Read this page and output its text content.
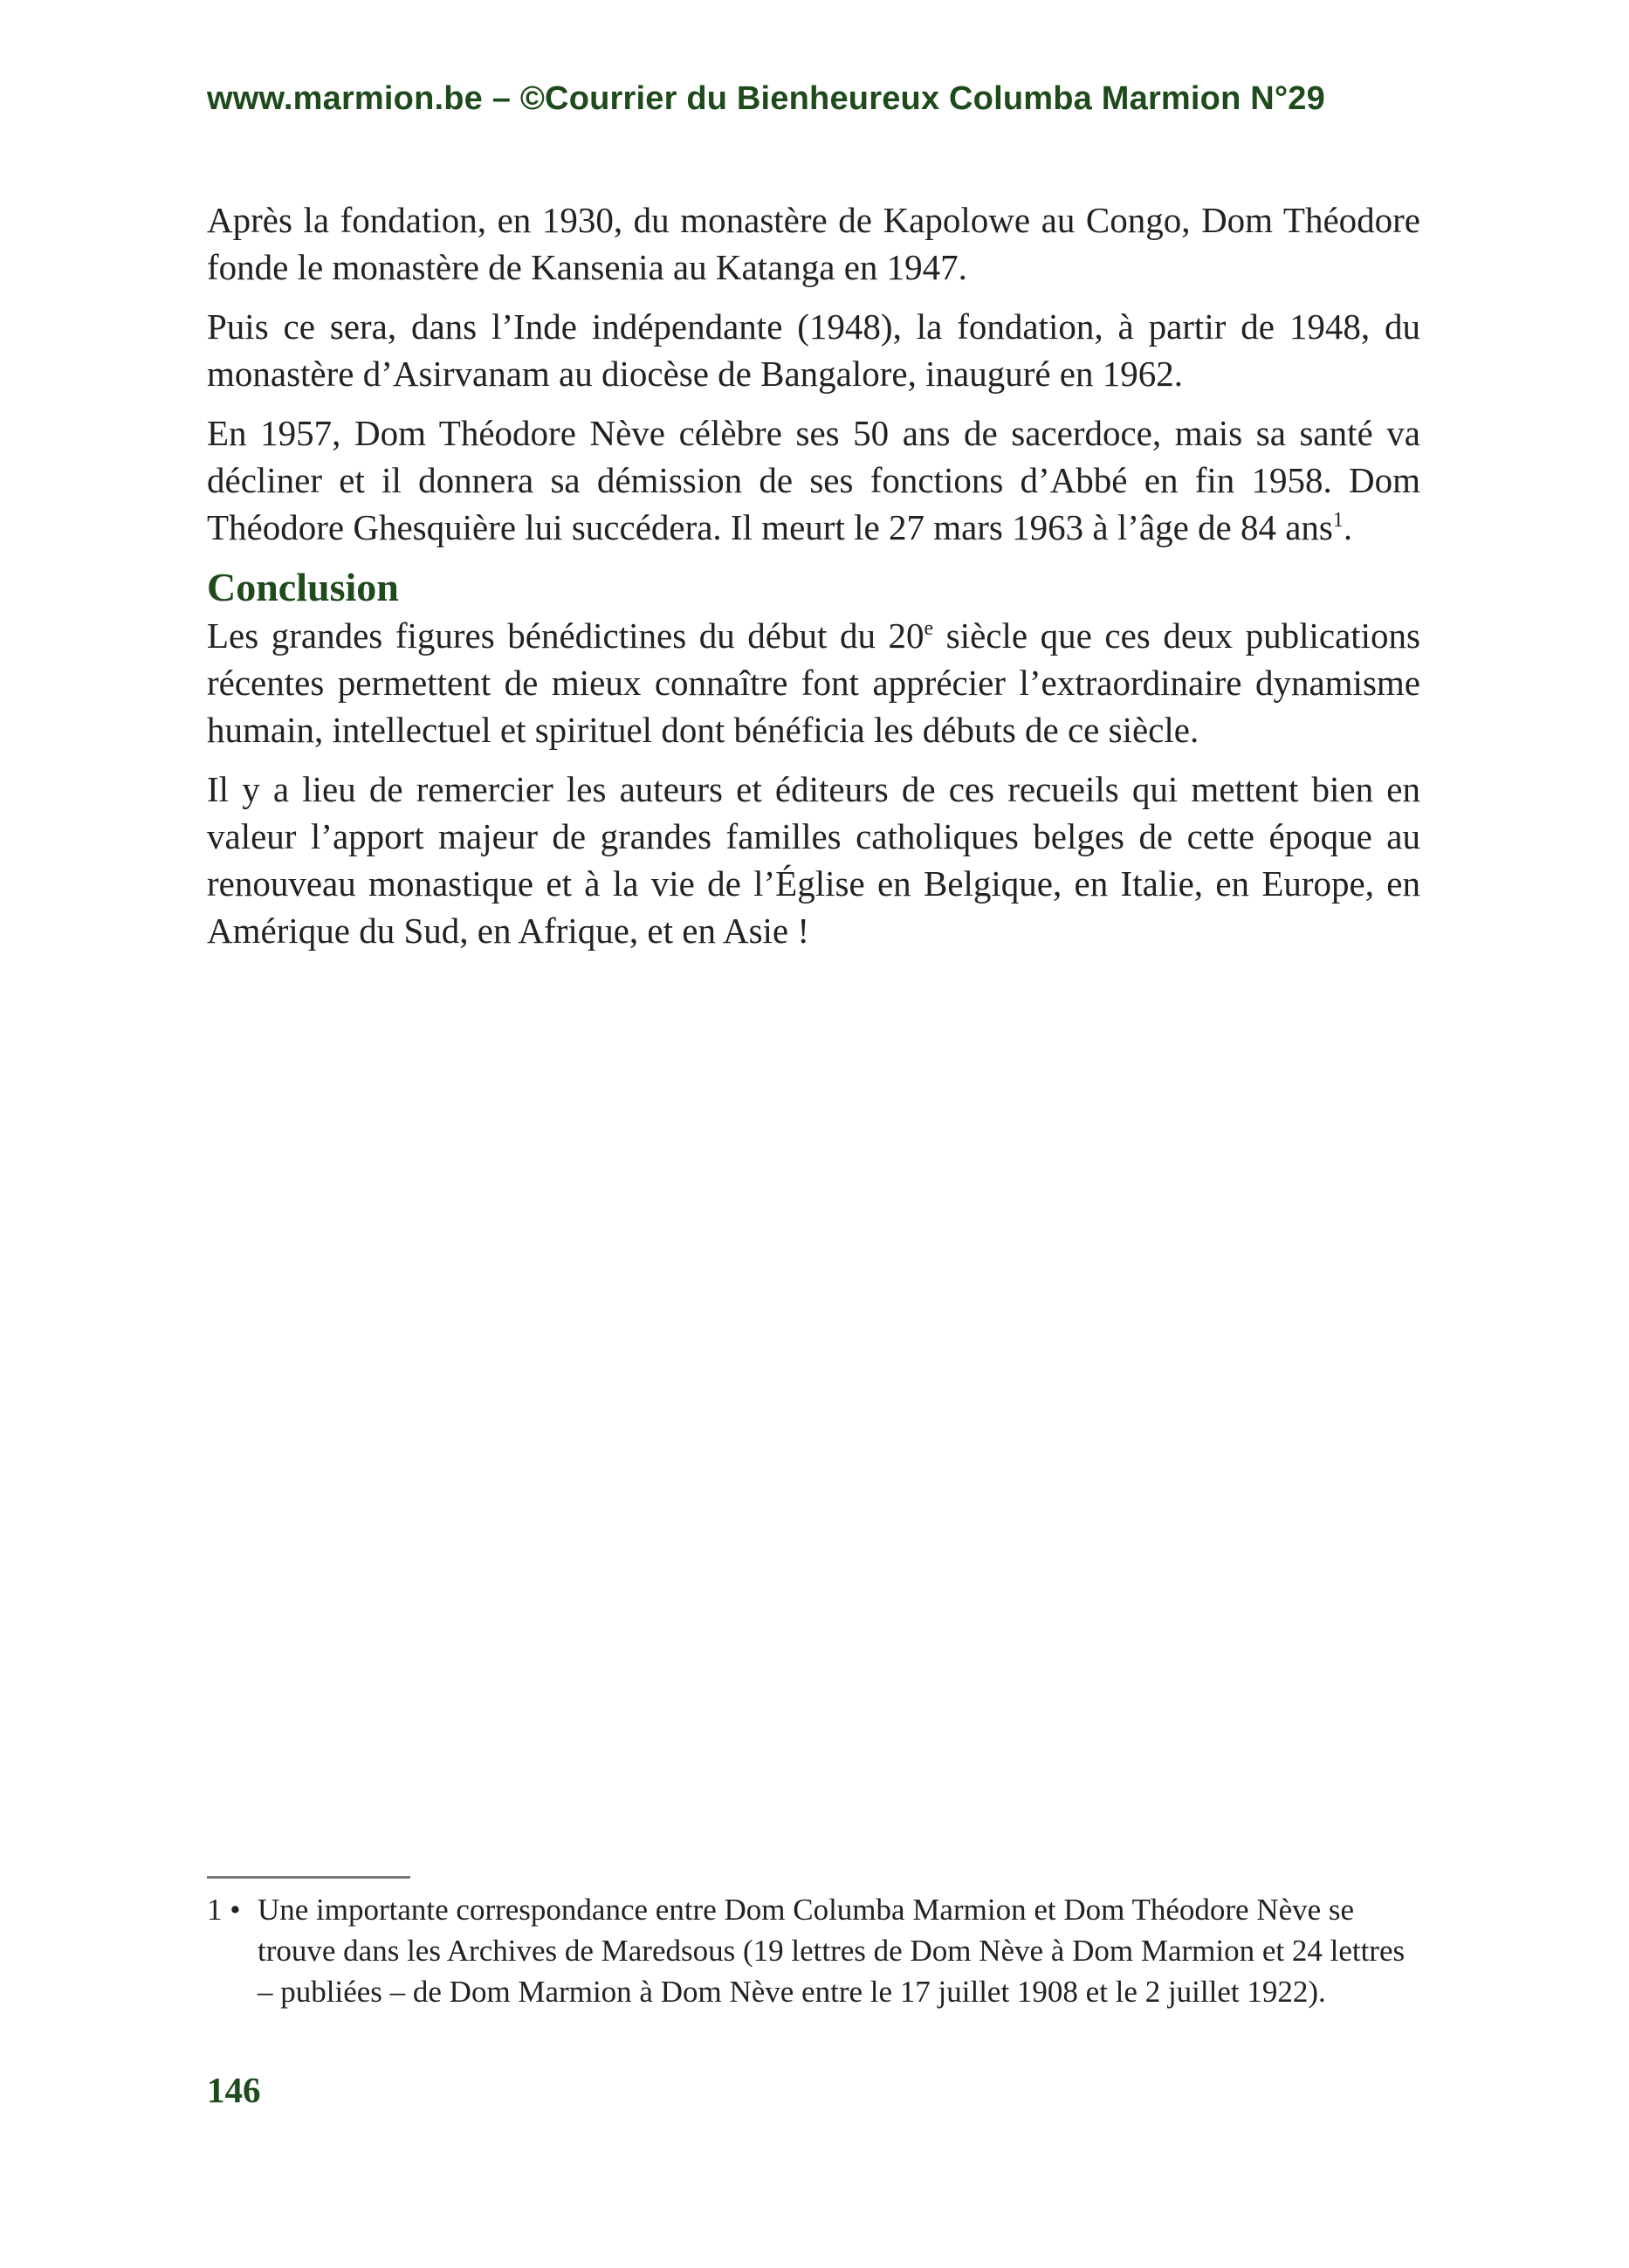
www.marmion.be – ©Courrier du Bienheureux Columba Marmion N°29

Après la fondation, en 1930, du monastère de Kapolowe au Congo, Dom Théodore fonde le monastère de Kansenia au Katanga en 1947.

Puis ce sera, dans l’Inde indépendante (1948), la fondation, à partir de 1948, du monastère d’Asirvanam au diocèse de Bangalore, inauguré en 1962.

En 1957, Dom Théodore Nève célèbre ses 50 ans de sacerdoce, mais sa santé va décliner et il donnera sa démission de ses fonctions d’Abbé en fin 1958. Dom Théodore Ghesquière lui succédera. Il meurt le 27 mars 1963 à l’âge de 84 ans$^1$.

Conclusion

Les grandes figures bénédictines du début du 20e siècle que ces deux publications récentes permettent de mieux connaître font apprécier l’extraordinaire dynamisme humain, intellectuel et spirituel dont bénéficia les débuts de ce siècle.

Il y a lieu de remercier les auteurs et éditeurs de ces recueils qui mettent bien en valeur l’apport majeur de grandes familles catholiques belges de cette époque au renouveau monastique et à la vie de l’Église en Belgique, en Italie, en Europe, en Amérique du Sud, en Afrique, et en Asie !

1 • Une importante correspondance entre Dom Columba Marmion et Dom Théodore Nève se trouve dans les Archives de Maredsous (19 lettres de Dom Nève à Dom Marmion et 24 lettres – publiées – de Dom Marmion à Dom Nève entre le 17 juillet 1908 et le 2 juillet 1922).
146
